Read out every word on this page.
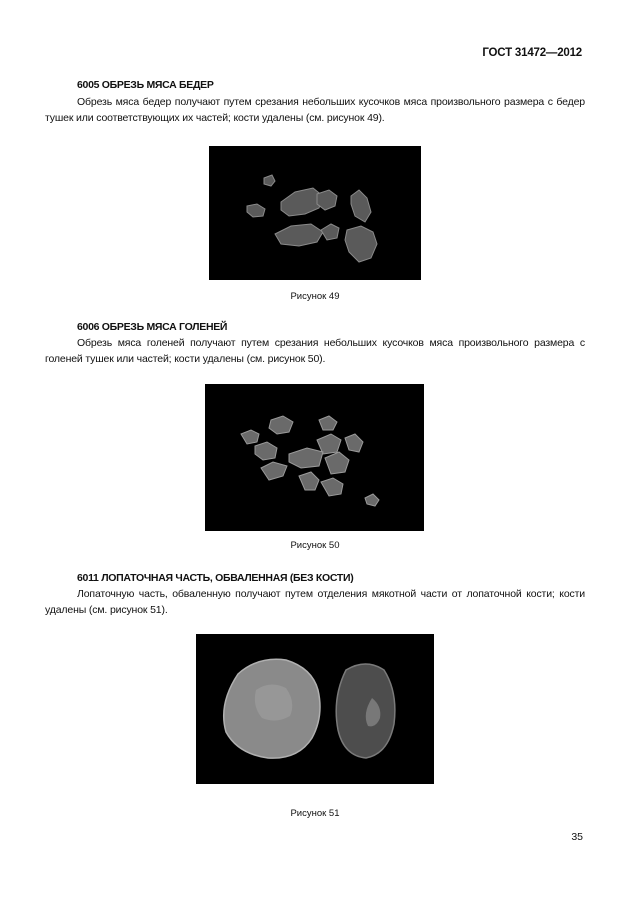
ГОСТ 31472—2012
6005 ОБРЕЗЬ МЯСА БЕДЕР
Обрезь мяса бедер получают путем срезания небольших кусочков мяса произвольного размера с бедер тушек или соответствующих их частей; кости удалены (см. рисунок 49).
Рисунок 49
6006 ОБРЕЗЬ МЯСА ГОЛЕНЕЙ
Обрезь мяса голеней получают путем срезания небольших кусочков мяса произвольного размера с голеней тушек или частей; кости удалены (см. рисунок 50).
Рисунок 50
6011 ЛОПАТОЧНАЯ ЧАСТЬ, ОБВАЛЕННАЯ (БЕЗ КОСТИ)
Лопаточную часть, обваленную получают путем отделения мякотной части от лопаточной кости; кости удалены (см. рисунок 51).
Рисунок 51
35
